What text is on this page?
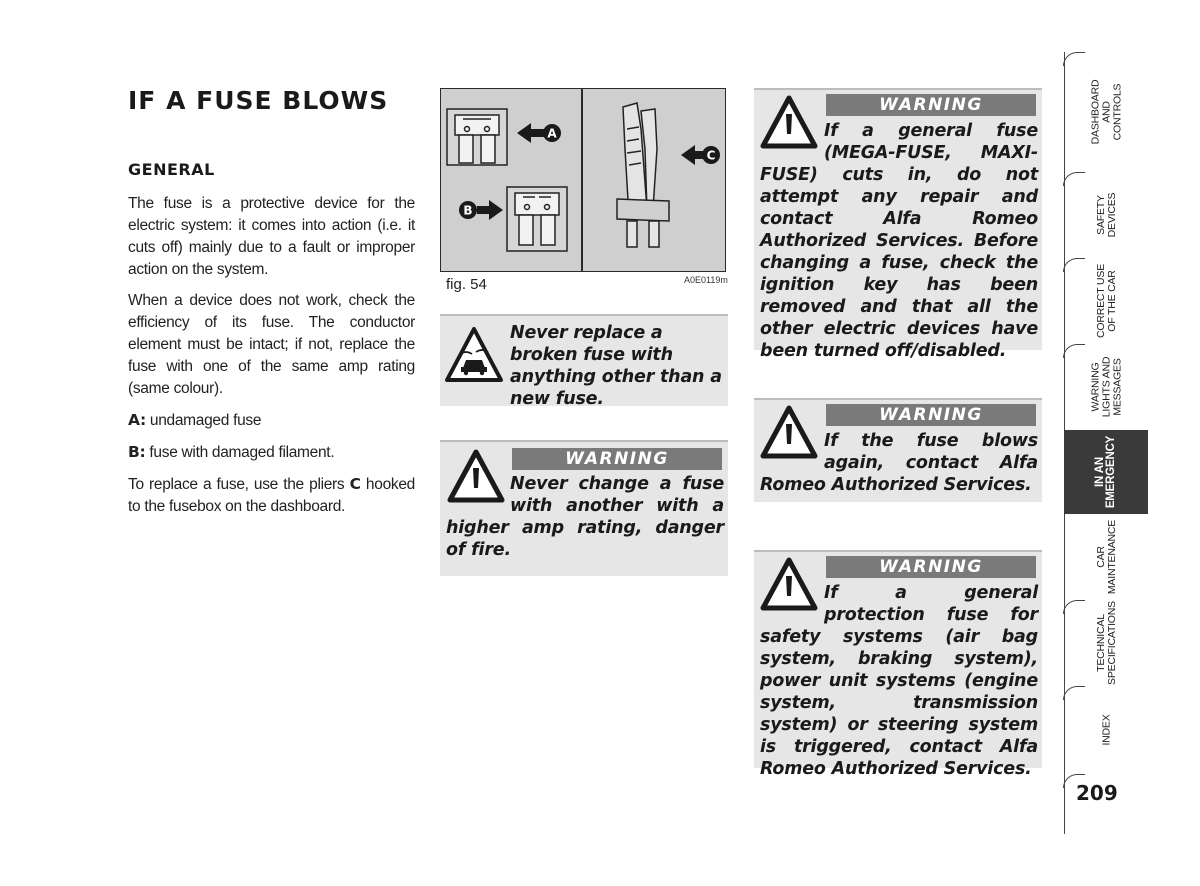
IF A FUSE BLOWS
GENERAL

The fuse is a protective device for the electric system: it comes into action (i.e. it cuts off) mainly due to a fault or improper action on the system.

When a device does not work, check the efficiency of its fuse. The conductor element must be intact; if not, replace the fuse with one of the same amp rating (same colour).

A: undamaged fuse

B: fuse with damaged filament.

To replace a fuse, use the pliers C hooked to the fusebox on the dashboard.

A
B
C
fig. 54	A0E0119m

Never replace a broken fuse with anything other than a new fuse.

WARNING

Never change a fuse with another with a higher amp rating, danger of fire.

WARNING

If a general fuse (MEGA-FUSE, MAXI-FUSE) cuts in, do not attempt any repair and contact Alfa Romeo Authorized Services. Before changing a fuse, check the ignition key has been removed and that all the other electric devices have been turned off/disabled.

WARNING

If the fuse blows again, contact Alfa Romeo Authorized Services.

WARNING

If a general protection fuse for safety systems (air bag system, braking system), power unit systems (engine system, transmission system) or steering system is triggered, contact Alfa Romeo Authorized Services.

DASHBOARD
AND
CONTROLS
SAFETY
DEVICES
CORRECT USE
OF THE CAR
WARNING
LIGHTS AND
MESSAGES
IN AN
EMERGENCY
CAR
MAINTENANCE
TECHNICAL
SPECIFICATIONS
INDEX
209
